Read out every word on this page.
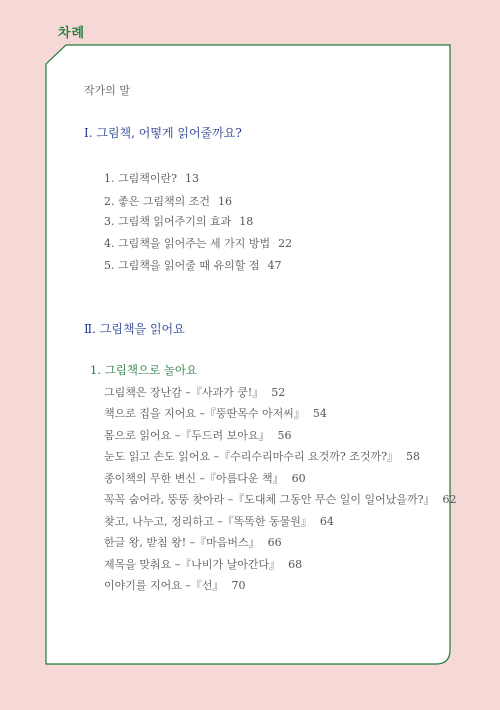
차례
작가의 말
Ⅰ. 그림책, 어떻게 읽어줄까요?
1. 그림책이란? 13
2. 좋은 그림책의 조건 16
3. 그림책 읽어주기의 효과 18
4. 그림책을 읽어주는 세 가지 방법 22
5. 그림책을 읽어줄 때 유의할 점 47
Ⅱ. 그림책을 읽어요
1. 그림책으로 놀아요
그림책은 장난감 –『사과가 쿵!』 52
책으로 집을 지어요 –『뚱딴목수 아저씨』 54
몸으로 읽어요 –『두드려 보아요』 56
눈도 읽고 손도 읽어요 –『수리수리마수리 요것까? 조것까?』 58
종이책의 무한 변신 –『아름다운 책』 60
꼭꼭 숨어라, 뚱뚱 찾아라 –『도대체 그동안 무슨 일이 일어났을까?』 62
찾고, 나누고, 정리하고 –『똑똑한 동물원』 64
한글 왕, 받침 왕! –『마음버스』 66
제목을 맞춰요 –『나비가 날아간다』 68
이야기를 지어요 –『선』 70
